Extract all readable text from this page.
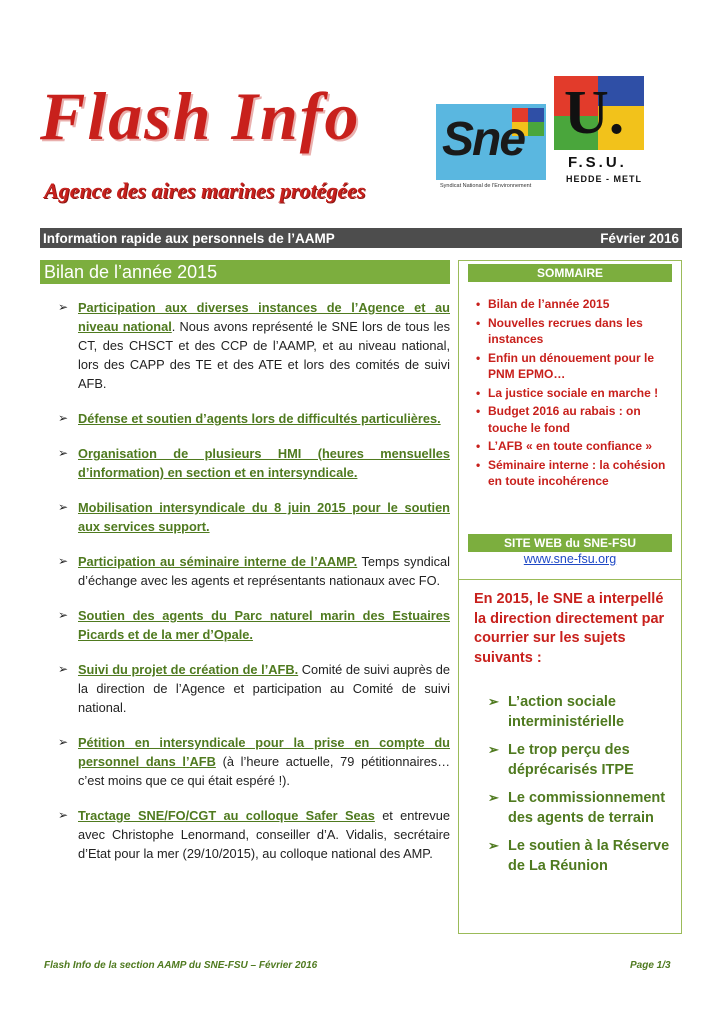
Flash Info
Agence des aires marines protégées
Sne
Syndicat National de l'Environnement
U.
F.S.U.
HEDDE - METL
Information rapide aux personnels de l’AAMP	Février 2016
Bilan de l’année 2015
➢ Participation aux diverses instances de l’Agence et au niveau national. Nous avons représenté le SNE lors de tous les CT, des CHSCT et des CCP de l’AAMP, et au niveau national, lors des CAPP des TE et des ATE et lors des comités de suivi AFB.
➢ Défense et soutien d’agents lors de difficultés particulières.
➢ Organisation de plusieurs HMI (heures mensuelles d’information) en section et en intersyndicale.
➢ Mobilisation intersyndicale du 8 juin 2015 pour le soutien aux services support.
➢ Participation au séminaire interne de l’AAMP. Temps syndical d’échange avec les agents et représentants nationaux avec FO.
➢ Soutien des agents du Parc naturel marin des Estuaires Picards et de la mer d’Opale.
➢ Suivi du projet de création de l’AFB. Comité de suivi auprès de la direction de l’Agence et participation au Comité de suivi national.
➢ Pétition en intersyndicale pour la prise en compte du personnel dans l’AFB (à l’heure actuelle, 79 pétitionnaires… c’est moins que ce qui était espéré !).
➢ Tractage SNE/FO/CGT au colloque Safer Seas et entrevue avec Christophe Lenormand, conseiller d’A. Vidalis, secrétaire d’Etat pour la mer (29/10/2015), au colloque national des AMP.
SOMMAIRE
• Bilan de l’année 2015
• Nouvelles recrues dans les instances
• Enfin un dénouement pour le PNM EPMO…
• La justice sociale en marche !
• Budget 2016 au rabais : on touche le fond
• L’AFB « en toute confiance »
• Séminaire interne : la cohésion en toute incohérence
SITE WEB du SNE-FSU
www.sne-fsu.org
En 2015, le SNE a interpellé la direction directement par courrier sur les sujets suivants :
➢ L’action sociale interministérielle
➢ Le trop perçu des déprécarisés ITPE
➢ Le commissionnement des agents de terrain
➢ Le soutien à la Réserve de La Réunion
Flash Info de la section AAMP du SNE-FSU – Février 2016	Page 1/3
